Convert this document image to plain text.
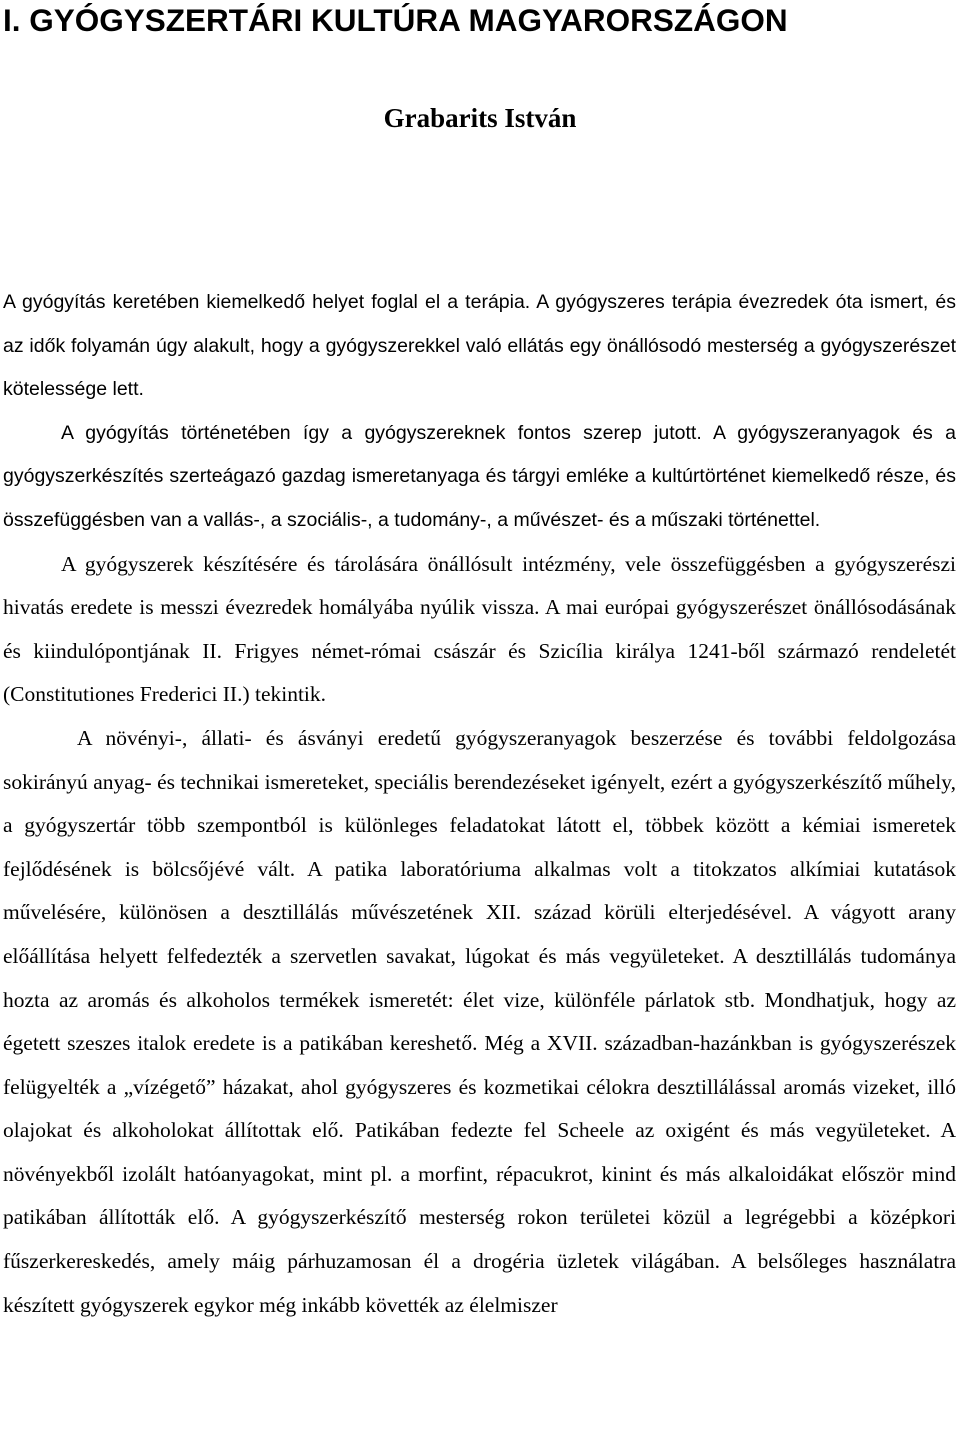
I. GYÓGYSZERTÁRI KULTÚRA MAGYARORSZÁGON
Grabarits István

A gyógyítás keretében kiemelkedő helyet foglal el a terápia. A gyógyszeres terápia évezredek óta ismert, és az idők folyamán úgy alakult, hogy a gyógyszerekkel való ellátás egy önállósodó mesterség a gyógyszerészet kötelessége lett.

A gyógyítás történetében így a gyógyszereknek fontos szerep jutott. A gyógyszeranyagok és a gyógyszerkészítés szerteágazó gazdag ismeretanyaga és tárgyi emléke a kultúrtörténet kiemelkedő része, és összefüggésben van a vallás-, a szociális-, a tudomány-, a művészet- és a műszaki történettel.

A gyógyszerek készítésére és tárolására önállósult intézmény, vele összefüggésben a gyógyszerészi hivatás eredete is messzi évezredek homályába nyúlik vissza. A mai európai gyógyszerészet önállósodásának és kiindulópontjának II. Frigyes német-római császár és Szicília királya 1241-ből származó rendeletét (Constitutiones Frederici II.) tekintik.

A növényi-, állati- és ásványi eredetű gyógyszeranyagok beszerzése és további feldolgozása sokirányú anyag- és technikai ismereteket, speciális berendezéseket igényelt, ezért a gyógyszerkészítő műhely, a gyógyszertár több szempontból is különleges feladatokat látott el, többek között a kémiai ismeretek fejlődésének is bölcsőjévé vált. A patika laboratóriuma alkalmas volt a titokzatos alkímiai kutatások művelésére, különösen a desztillálás művészetének XII. század körüli elterjedésével. A vágyott arany előállítása helyett felfedezték a szervetlen savakat, lúgokat és más vegyületeket. A desztillálás tudománya hozta az aromás és alkoholos termékek ismeretét: élet vize, különféle párlatok stb. Mondhatjuk, hogy az égetett szeszes italok eredete is a patikában kereshető. Még a XVII. században-hazánkban is gyógyszerészek felügyelték a „vízégető” házakat, ahol gyógyszeres és kozmetikai célokra desztillálással aromás vizeket, illó olajokat és alkoholokat állítottak elő. Patikában fedezte fel Scheele az oxigént és más vegyületeket. A növényekből izolált hatóanyagokat, mint pl. a morfint, répacukrot, kinint és más alkaloidákat először mind patikában állították elő. A gyógyszerkészítő mesterség rokon területei közül a legrégebbi a középkori fűszerkereskedés, amely máig párhuzamosan él a drogéria üzletek világában. A belsőleges használatra készített gyógyszerek egykor még inkább követték az élelmiszer
